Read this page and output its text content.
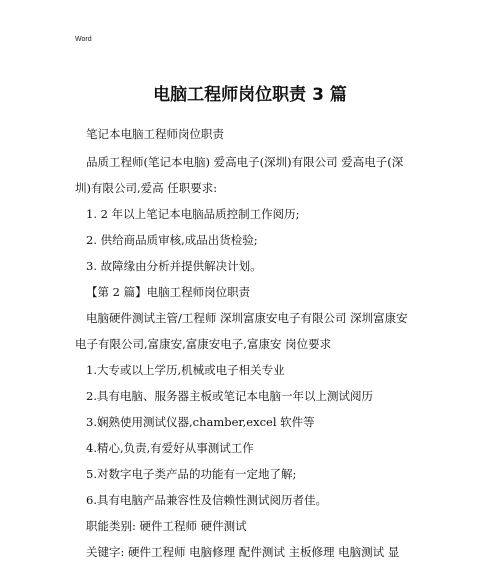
Word
电脑工程师岗位职责 3 篇
笔记本电脑工程师岗位职责
品质工程师(笔记本电脑) 爱高电子(深圳)有限公司 爱高电子(深
圳)有限公司,爱高 任职要求:
1. 2 年以上笔记本电脑品质控制工作阅历;
2. 供给商品质审核,成品出货检验;
3. 故障缘由分析并提供解决计划。
【第 2 篇】电脑工程师岗位职责
电脑硬件测试主管/工程师 深圳富康安电子有限公司 深圳富康安
电子有限公司,富康安,富康安电子,富康安 岗位要求
1.大专或以上学历,机械或电子相关专业
2.具有电脑、服务器主板或笔记本电脑一年以上测试阅历
3.娴熟使用测试仪器,chamber,excel 软件等
4.精心,负责,有爱好从事测试工作
5.对数字电子类产品的功能有一定地了解;
6.具有电脑产品兼容性及信赖性测试阅历者佳。
职能类别: 硬件工程师 硬件测试
关键字: 硬件工程师 电脑修理 配件测试 主板修理 电脑测试 显
